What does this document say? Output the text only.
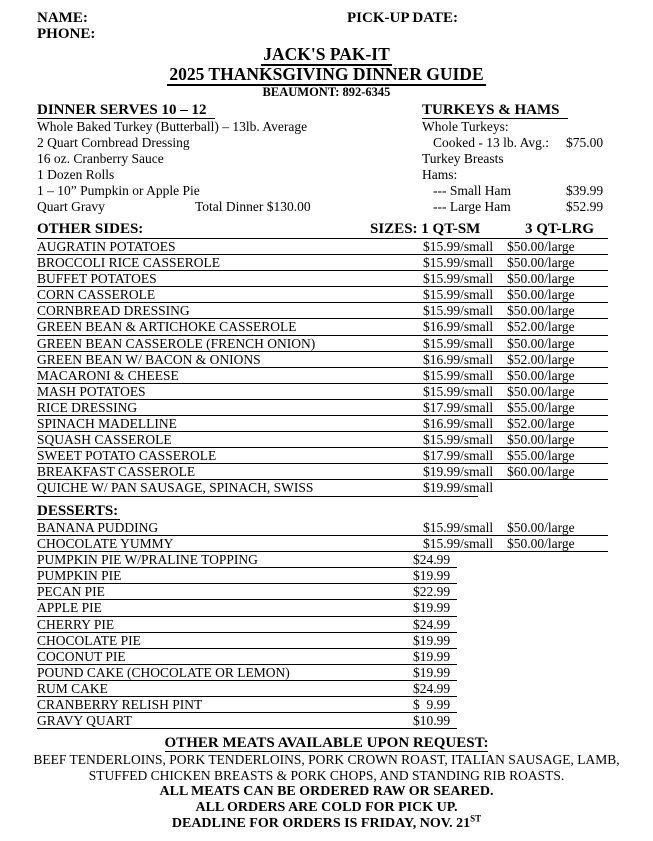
NAME:
PHONE:
PICK-UP DATE:
JACK'S PAK-IT
2025 THANKSGIVING DINNER GUIDE
BEAUMONT: 892-6345
DINNER SERVES 10 – 12
Whole Baked Turkey (Butterball) – 13lb. Average
2 Quart Cornbread Dressing
16 oz. Cranberry Sauce
1 Dozen Rolls
1 – 10” Pumpkin or Apple Pie
Quart Gravy	Total Dinner $130.00
TURKEYS & HAMS
Whole Turkeys:
Cooked - 13 lb. Avg.: $75.00
Turkey Breasts
Hams:
--- Small Ham	$39.99
--- Large Ham	$52.99
OTHER SIDES:	SIZES: 1 QT-SM	3 QT-LRG
AUGRATIN POTATOES	$15.99/small $50.00/large
BROCCOLI RICE CASSEROLE	$15.99/small $50.00/large
BUFFET POTATOES	$15.99/small $50.00/large
CORN CASSEROLE	$15.99/small $50.00/large
CORNBREAD DRESSING	$15.99/small $50.00/large
GREEN BEAN & ARTICHOKE CASSEROLE	$16.99/small $52.00/large
GREEN BEAN CASSEROLE (FRENCH ONION)	$15.99/small $50.00/large
GREEN BEAN W/ BACON & ONIONS	$16.99/small $52.00/large
MACARONI & CHEESE	$15.99/small $50.00/large
MASH POTATOES	$15.99/small $50.00/large
RICE DRESSING	$17.99/small $55.00/large
SPINACH MADELLINE	$16.99/small $52.00/large
SQUASH CASSEROLE	$15.99/small $50.00/large
SWEET POTATO CASSEROLE	$17.99/small $55.00/large
BREAKFAST CASSEROLE	$19.99/small $60.00/large
QUICHE W/ PAN SAUSAGE, SPINACH, SWISS	$19.99/small
DESSERTS:
BANANA PUDDING	$15.99/small $50.00/large
CHOCOLATE YUMMY	$15.99/small $50.00/large
PUMPKIN PIE W/PRALINE TOPPING	$24.99
PUMPKIN PIE	$19.99
PECAN PIE	$22.99
APPLE PIE	$19.99
CHERRY PIE	$24.99
CHOCOLATE PIE	$19.99
COCONUT PIE	$19.99
POUND CAKE (CHOCOLATE OR LEMON)	$19.99
RUM CAKE	$24.99
CRANBERRY RELISH PINT	$  9.99
GRAVY QUART	$10.99
OTHER MEATS AVAILABLE UPON REQUEST:
BEEF TENDERLOINS, PORK TENDERLOINS, PORK CROWN ROAST, ITALIAN SAUSAGE, LAMB,
STUFFED CHICKEN BREASTS & PORK CHOPS, AND STANDING RIB ROASTS.
ALL MEATS CAN BE ORDERED RAW OR SEARED.
ALL ORDERS ARE COLD FOR PICK UP.
DEADLINE FOR ORDERS IS FRIDAY, NOV. 21ST
